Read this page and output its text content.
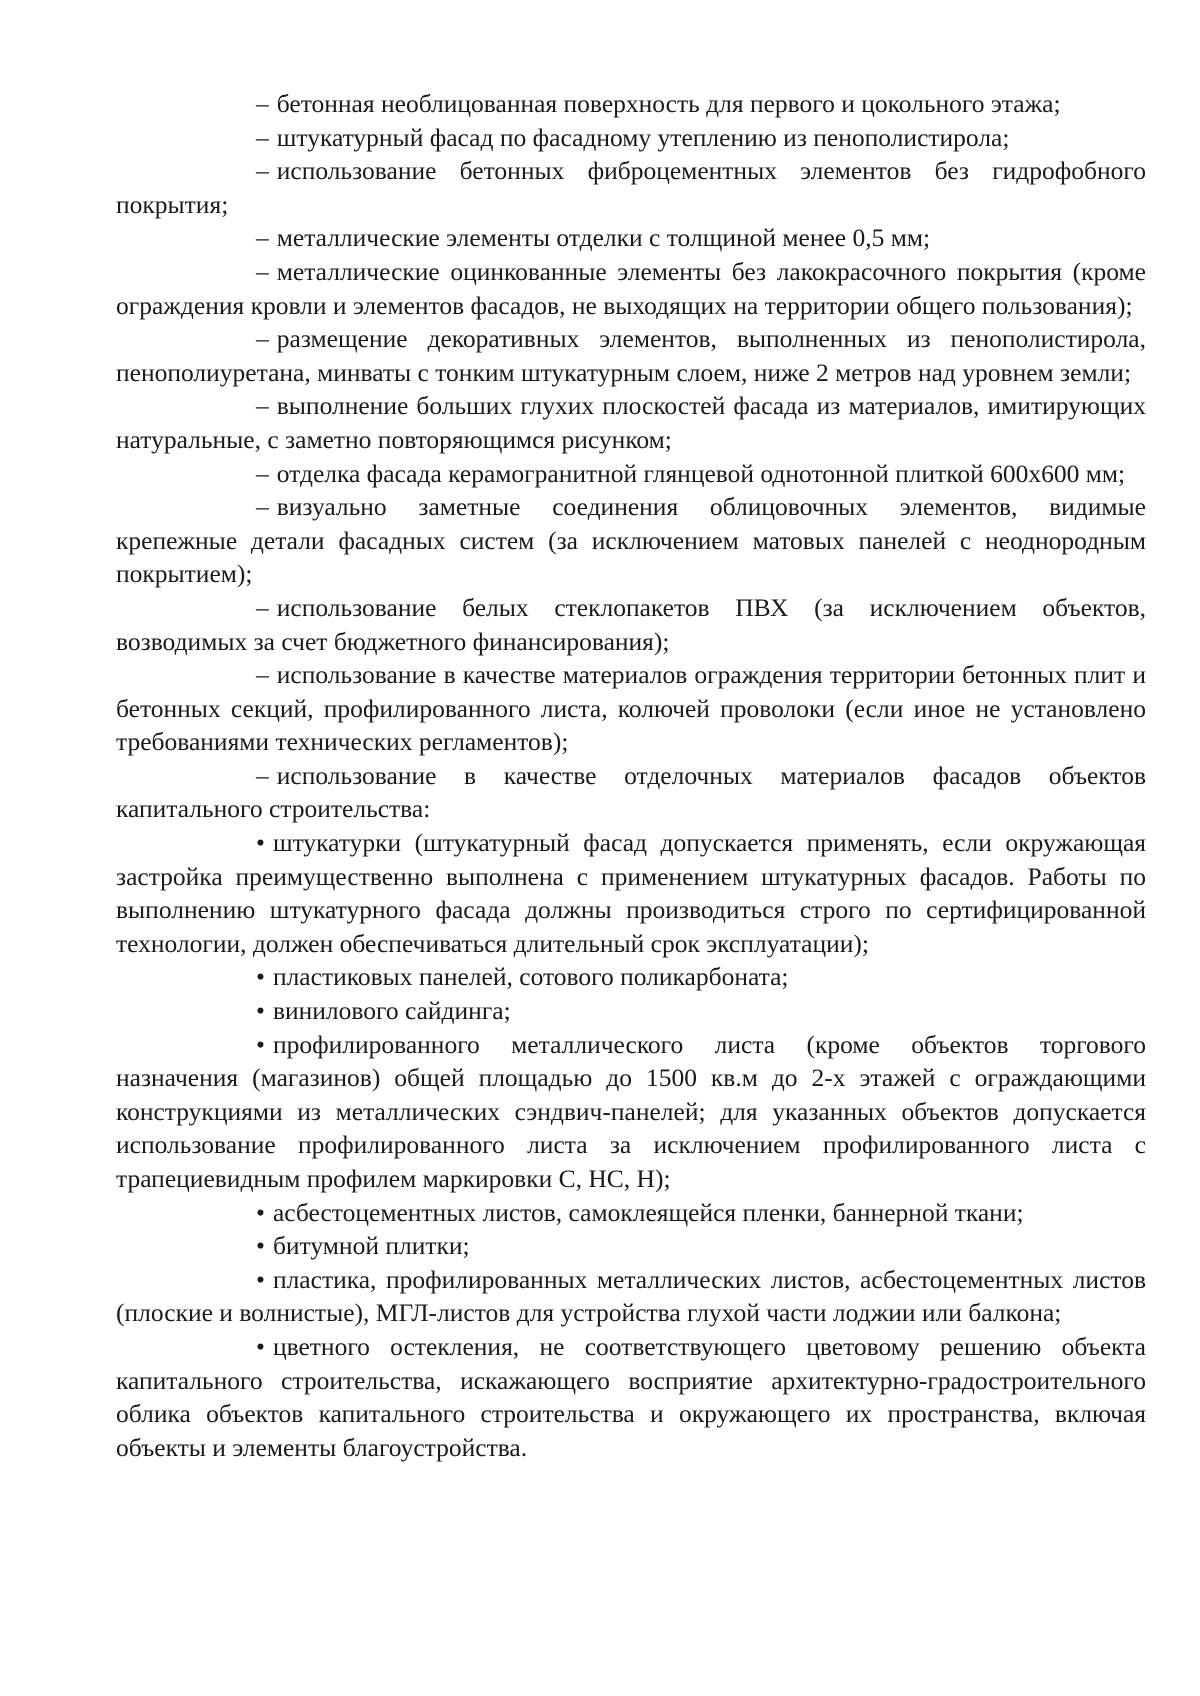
– бетонная необлицованная поверхность для первого и цокольного этажа;

– штукатурный фасад по фасадному утеплению из пенополистирола;

– использование бетонных фиброцементных элементов без гидрофобного покрытия;

– металлические элементы отделки с толщиной менее 0,5 мм;

– металлические оцинкованные элементы без лакокрасочного покрытия (кроме ограждения кровли и элементов фасадов, не выходящих на территории общего пользования);

– размещение декоративных элементов, выполненных из пенополистирола, пенополиуретана, минваты с тонким штукатурным слоем, ниже 2 метров над уровнем земли;

– выполнение больших глухих плоскостей фасада из материалов, имитирующих натуральные, с заметно повторяющимся рисунком;

– отделка фасада керамогранитной глянцевой однотонной плиткой 600х600 мм;

– визуально заметные соединения облицовочных элементов, видимые крепежные детали фасадных систем (за исключением матовых панелей с неоднородным покрытием);

– использование белых стеклопакетов ПВХ (за исключением объектов, возводимых за счет бюджетного финансирования);

– использование в качестве материалов ограждения территории бетонных плит и бетонных секций, профилированного листа, колючей проволоки (если иное не установлено требованиями технических регламентов);

– использование в качестве отделочных материалов фасадов объектов капитального строительства:

• штукатурки (штукатурный фасад допускается применять, если окружающая застройка преимущественно выполнена с применением штукатурных фасадов. Работы по выполнению штукатурного фасада должны производиться строго по сертифицированной технологии, должен обеспечиваться длительный срок эксплуатации);

• пластиковых панелей, сотового поликарбоната;

• винилового сайдинга;

• профилированного металлического листа (кроме объектов торгового назначения (магазинов) общей площадью до 1500 кв.м до 2-х этажей с ограждающими конструкциями из металлических сэндвич-панелей; для указанных объектов допускается использование профилированного листа за исключением профилированного листа с трапециевидным профилем маркировки С, НС, Н);

• асбестоцементных листов, самоклеящейся пленки, баннерной ткани;

• битумной плитки;

• пластика, профилированных металлических листов, асбестоцементных листов (плоские и волнистые), МГЛ-листов для устройства глухой части лоджии или балкона;

• цветного остекления, не соответствующего цветовому решению объекта капитального строительства, искажающего восприятие архитектурно-градостроительного облика объектов капитального строительства и окружающего их пространства, включая объекты и элементы благоустройства.
